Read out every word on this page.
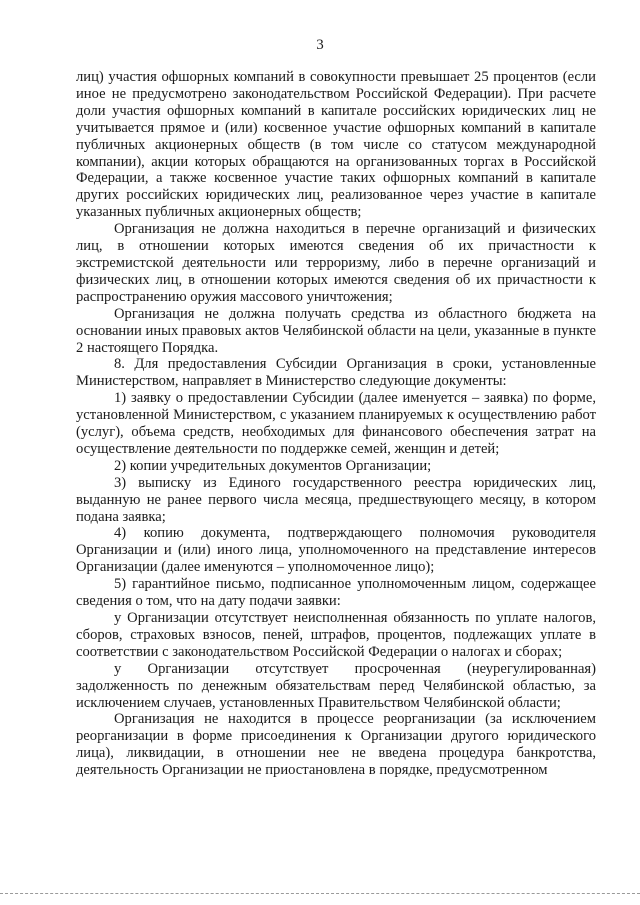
3

лиц) участия офшорных компаний в совокупности превышает 25 процентов (если иное не предусмотрено законодательством Российской Федерации). При расчете доли участия офшорных компаний в капитале российских юридических лиц не учитывается прямое и (или) косвенное участие офшорных компаний в капитале публичных акционерных обществ (в том числе со статусом международной компании), акции которых обращаются на организованных торгах в Российской Федерации, а также косвенное участие таких офшорных компаний в капитале других российских юридических лиц, реализованное через участие в капитале указанных публичных акционерных обществ;

Организация не должна находиться в перечне организаций и физических лиц, в отношении которых имеются сведения об их причастности к экстремистской деятельности или терроризму, либо в перечне организаций и физических лиц, в отношении которых имеются сведения об их причастности к распространению оружия массового уничтожения;

Организация не должна получать средства из областного бюджета на основании иных правовых актов Челябинской области на цели, указанные в пункте 2 настоящего Порядка.

8. Для предоставления Субсидии Организация в сроки, установленные Министерством, направляет в Министерство следующие документы:

1) заявку о предоставлении Субсидии (далее именуется – заявка) по форме, установленной Министерством, с указанием планируемых к осуществлению работ (услуг), объема средств, необходимых для финансового обеспечения затрат на осуществление деятельности по поддержке семей, женщин и детей;

2) копии учредительных документов Организации;

3) выписку из Единого государственного реестра юридических лиц, выданную не ранее первого числа месяца, предшествующего месяцу, в котором подана заявка;

4) копию документа, подтверждающего полномочия руководителя Организации и (или) иного лица, уполномоченного на представление интересов Организации (далее именуются – уполномоченное лицо);

5) гарантийное письмо, подписанное уполномоченным лицом, содержащее сведения о том, что на дату подачи заявки:

у Организации отсутствует неисполненная обязанность по уплате налогов, сборов, страховых взносов, пеней, штрафов, процентов, подлежащих уплате в соответствии с законодательством Российской Федерации о налогах и сборах;

у Организации отсутствует просроченная (неурегулированная) задолженность по денежным обязательствам перед Челябинской областью, за исключением случаев, установленных Правительством Челябинской области;

Организация не находится в процессе реорганизации (за исключением реорганизации в форме присоединения к Организации другого юридического лица), ликвидации, в отношении нее не введена процедура банкротства, деятельность Организации не приостановлена в порядке, предусмотренном
